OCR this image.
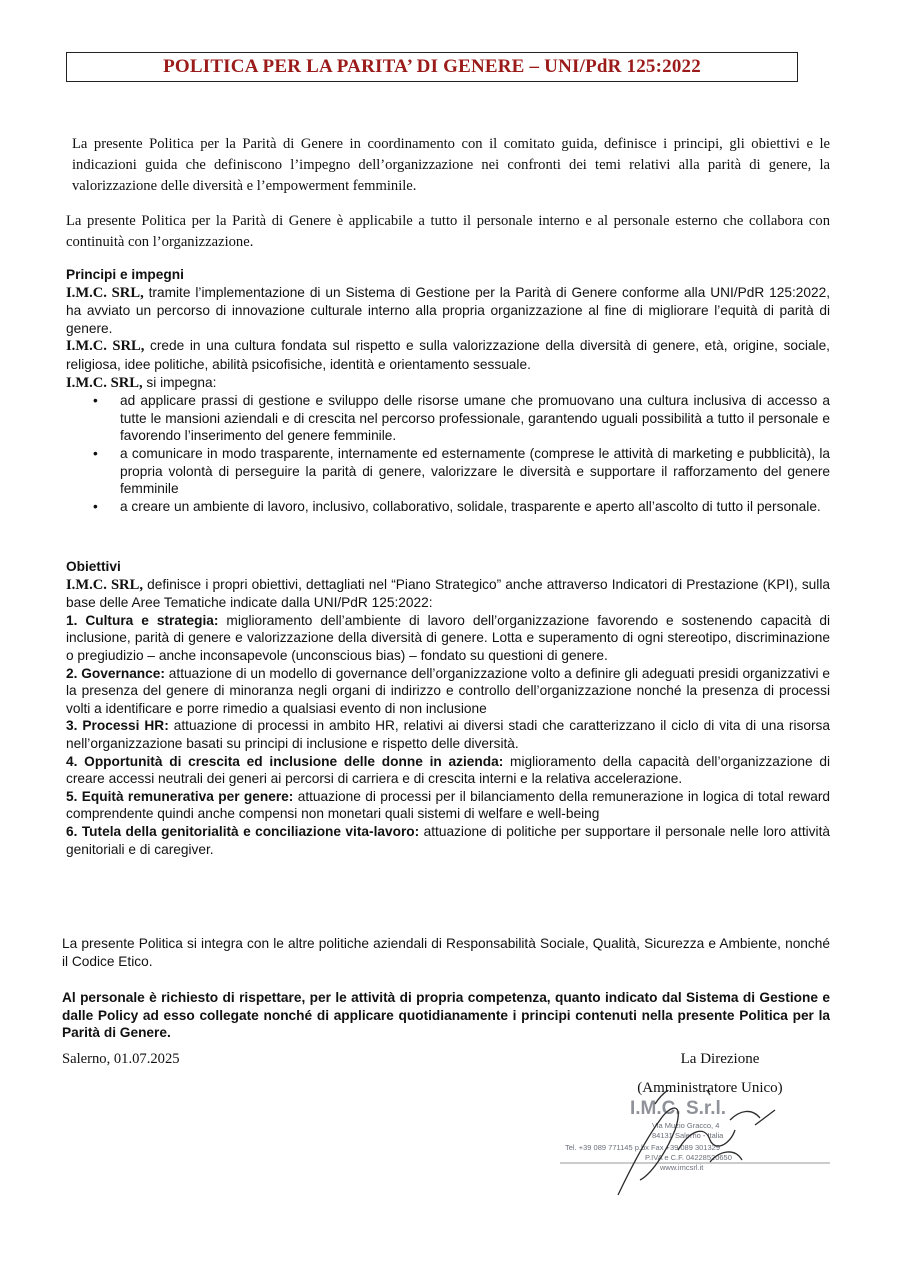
POLITICA PER LA PARITA’ DI GENERE – UNI/PdR 125:2022

La presente Politica per la Parità di Genere in coordinamento con il comitato guida, definisce i principi, gli obiettivi e le indicazioni guida che definiscono l’impegno dell’organizzazione nei confronti dei temi relativi alla parità di genere, la valorizzazione delle diversità e l’empowerment femminile.

La presente Politica per la Parità di Genere è applicabile a tutto il personale interno e al personale esterno che collabora con continuità con l’organizzazione.

Principi e impegni

I.M.C. SRL, tramite l’implementazione di un Sistema di Gestione per la Parità di Genere conforme alla UNI/PdR 125:2022, ha avviato un percorso di innovazione culturale interno alla propria organizzazione al fine di migliorare l’equità di parità di genere.

I.M.C. SRL, crede in una cultura fondata sul rispetto e sulla valorizzazione della diversità di genere, età, origine, sociale, religiosa, idee politiche, abilità psicofisiche, identità e orientamento sessuale.

I.M.C. SRL, si impegna:

• ad applicare prassi di gestione e sviluppo delle risorse umane che promuovano una cultura inclusiva di accesso a tutte le mansioni aziendali e di crescita nel percorso professionale, garantendo uguali possibilità a tutto il personale e favorendo l’inserimento del genere femminile.
• a comunicare in modo trasparente, internamente ed esternamente (comprese le attività di marketing e pubblicità), la propria volontà di perseguire la parità di genere, valorizzare le diversità e supportare il rafforzamento del genere femminile
• a creare un ambiente di lavoro, inclusivo, collaborativo, solidale, trasparente e aperto all’ascolto di tutto il personale.

Obiettivi

I.M.C. SRL, definisce i propri obiettivi, dettagliati nel “Piano Strategico” anche attraverso Indicatori di Prestazione (KPI), sulla base delle Aree Tematiche indicate dalla UNI/PdR 125:2022:

1. Cultura e strategia: miglioramento dell’ambiente di lavoro dell’organizzazione favorendo e sostenendo capacità di inclusione, parità di genere e valorizzazione della diversità di genere. Lotta e superamento di ogni stereotipo, discriminazione o pregiudizio – anche inconsapevole (unconscious bias) – fondato su questioni di genere.

2. Governance: attuazione di un modello di governance dell’organizzazione volto a definire gli adeguati presidi organizzativi e la presenza del genere di minoranza negli organi di indirizzo e controllo dell’organizzazione nonché la presenza di processi volti a identificare e porre rimedio a qualsiasi evento di non inclusione

3. Processi HR: attuazione di processi in ambito HR, relativi ai diversi stadi che caratterizzano il ciclo di vita di una risorsa nell’organizzazione basati su principi di inclusione e rispetto delle diversità.

4. Opportunità di crescita ed inclusione delle donne in azienda: miglioramento della capacità dell’organizzazione di creare accessi neutrali dei generi ai percorsi di carriera e di crescita interni e la relativa accelerazione.

5. Equità remunerativa per genere: attuazione di processi per il bilanciamento della remunerazione in logica di total reward comprendente quindi anche compensi non monetari quali sistemi di welfare e well-being

6. Tutela della genitorialità e conciliazione vita-lavoro: attuazione di politiche per supportare il personale nelle loro attività genitoriali e di caregiver.

La presente Politica si integra con le altre politiche aziendali di Responsabilità Sociale, Qualità, Sicurezza e Ambiente, nonché il Codice Etico.

Al personale è richiesto di rispettare, per le attività di propria competenza, quanto indicato dal Sistema di Gestione e dalle Policy ad esso collegate nonché di applicare quotidianamente i principi contenuti nella presente Politica per la Parità di Genere.

Salerno, 01.07.2025	La Direzione
(Amministratore Unico)
I.M.C. S.r.l.
Via Muzio Gracco, 4
84131 Salerno - Italia
Tel. +39 089 771145 p.bx Fax +39 089 301329
P.IVA e C.F. 04228520650
www.imcsrl.it
